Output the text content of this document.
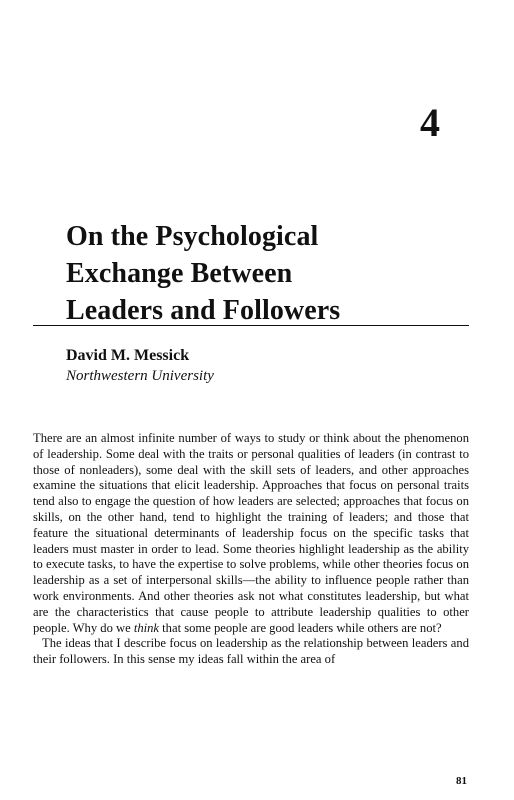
4
On the Psychological
Exchange Between
Leaders and Followers
David M. Messick
Northwestern University

There are an almost infinite number of ways to study or think about the phenomenon of leadership. Some deal with the traits or personal qualities of leaders (in contrast to those of nonleaders), some deal with the skill sets of leaders, and other approaches examine the situations that elicit leadership. Approaches that focus on personal traits tend also to engage the question of how leaders are selected; approaches that focus on skills, on the other hand, tend to highlight the training of leaders; and those that feature the situational determinants of leadership focus on the specific tasks that leaders must master in order to lead. Some theories highlight leadership as the ability to execute tasks, to have the expertise to solve problems, while other theories focus on leadership as a set of interpersonal skills—the ability to influence people rather than work environments. And other theories ask not what constitutes leadership, but what are the characteristics that cause people to attribute leadership qualities to other people. Why do we think that some people are good leaders while others are not?

The ideas that I describe focus on leadership as the relationship between leaders and their followers. In this sense my ideas fall within the area of

81
